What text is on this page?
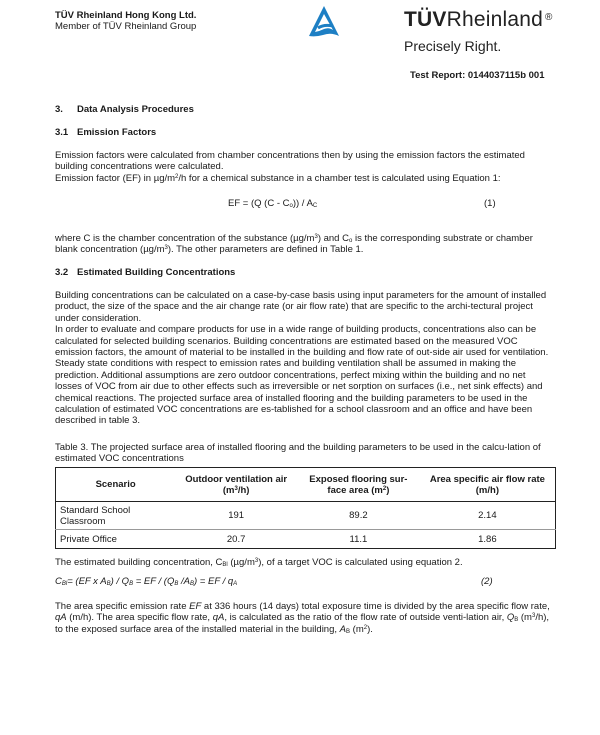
TÜV Rheinland Hong Kong Ltd.
Member of TÜV Rheinland Group	TÜVRheinland ®
Precisely Right.
Test Report: 0144037115b 001
3. Data Analysis Procedures
3.1 Emission Factors
Emission factors were calculated from chamber concentrations then by using the emission factors the estimated building concentrations were calculated.
Emission factor (EF) in $\mu g/m^2/h$ for a chemical substance in a chamber test is calculated using Equation 1:
EF = (Q $(C - C_o)) / A_C$	(1)
where C is the chamber concentration of the substance $(\mu g/m^3)$ and $C_o$ is the corresponding substrate or chamber blank concentration $(\mu g/m^3)$. The other parameters are defined in Table 1.
3.2 Estimated Building Concentrations
Building concentrations can be calculated on a case-by-case basis using input parameters for the amount of installed product, the size of the space and the air change rate (or air flow rate) that are specific to the archi-tectural project under consideration.
In order to evaluate and compare products for use in a wide range of building products, concentrations also can be calculated for selected building scenarios. Building concentrations are estimated based on the measured VOC emission factors, the amount of material to be installed in the building and flow rate of out-side air used for ventilation. Steady state conditions with respect to emission rates and building ventilation shall be assumed in making the prediction. Additional assumptions are zero outdoor concentrations, perfect mixing within the building and no net losses of VOC from air due to other effects such as irreversible or net sorption on surfaces (i.e., net sink effects) and chemical reactions. The projected surface area of installed flooring and the building parameters to be used in the calculation of estimated VOC concentrations are es-tablished for a school classroom and an office and have been described in table 3.
Table 3. The projected surface area of installed flooring and the building parameters to be used in the calcu-lation of estimated VOC concentrations
Scenario	Outdoor ventilation air $(m^3/h)$	Exposed flooring sur-face area $(m^2)$	Area specific air flow rate (m/h)
Standard School Classroom	191	89.2	2.14
Private Office	20.7	11.1	1.86
The estimated building concentration, $C_{Bl}$ $(\mu g/m^3)$, of a target VOC is calculated using equation 2.
$C_{Bl}= (EF$ x $A_B) / Q_B$ = EF / ($Q_B$ $/A_B$) = EF / $q_A$	(2)
The area specific emission rate EF at 336 hours (14 days) total exposure time is divided by the area specific flow rate, qA (m/h). The area specific flow rate, qA, is calculated as the ratio of the flow rate of outside venti-lation air, $Q_B$ $(m^3/h)$, to the exposed surface area of the installed material in the building, $A_B$ $(m^2)$.
